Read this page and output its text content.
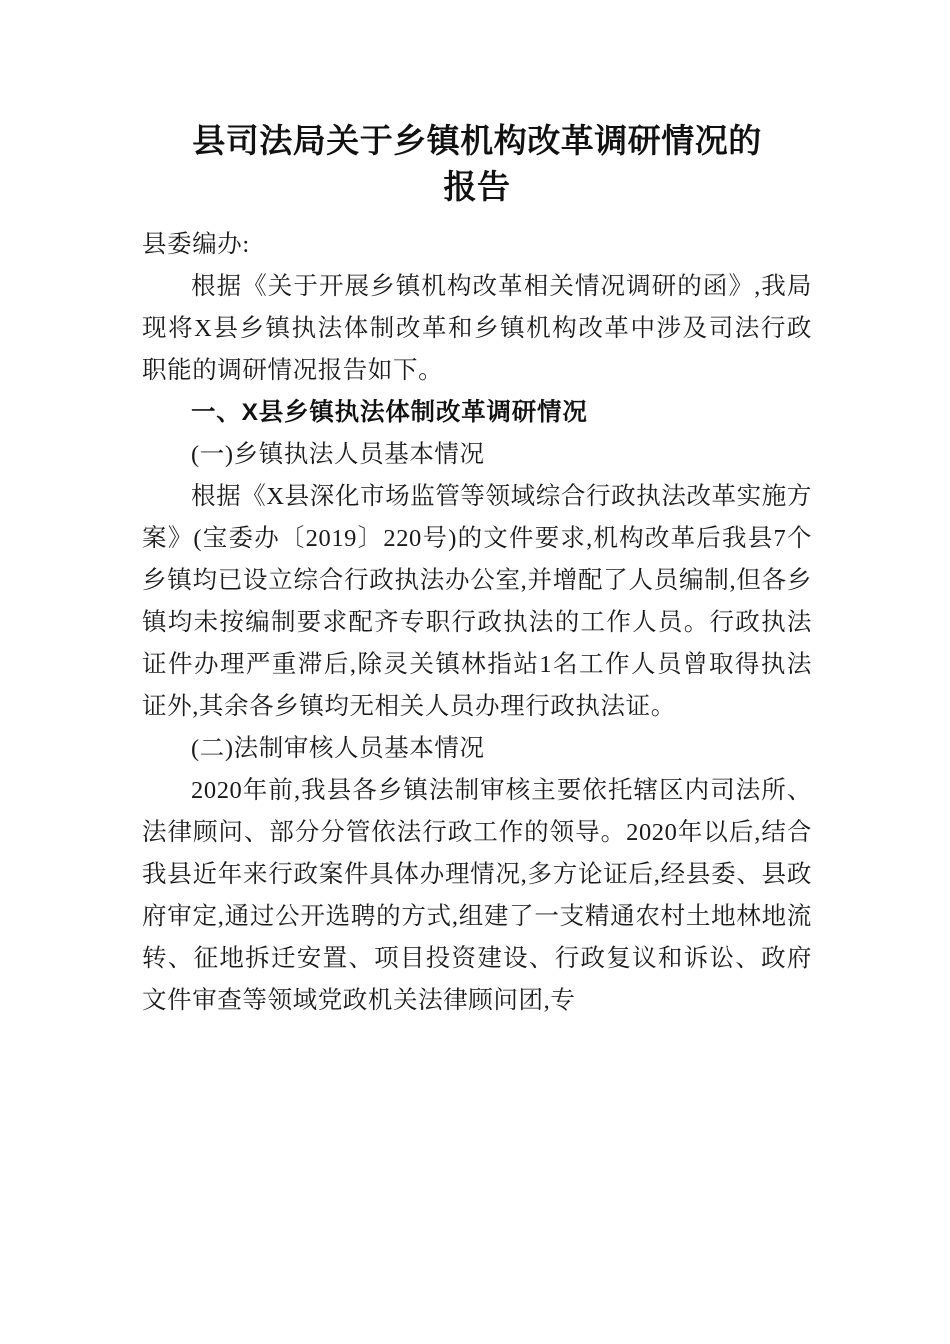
县司法局关于乡镇机构改革调研情况的
报告

县委编办:

根据《关于开展乡镇机构改革相关情况调研的函》,我局现将X县乡镇执法体制改革和乡镇机构改革中涉及司法行政职能的调研情况报告如下。

一、X县乡镇执法体制改革调研情况

(一)乡镇执法人员基本情况

根据《X县深化市场监管等领域综合行政执法改革实施方案》(宝委办〔2019〕220号)的文件要求,机构改革后我县7个乡镇均已设立综合行政执法办公室,并增配了人员编制,但各乡镇均未按编制要求配齐专职行政执法的工作人员。行政执法证件办理严重滞后,除灵关镇林指站1名工作人员曾取得执法证外,其余各乡镇均无相关人员办理行政执法证。

(二)法制审核人员基本情况

2020年前,我县各乡镇法制审核主要依托辖区内司法所、法律顾问、部分分管依法行政工作的领导。2020年以后,结合我县近年来行政案件具体办理情况,多方论证后,经县委、县政府审定,通过公开选聘的方式,组建了一支精通农村土地林地流转、征地拆迁安置、项目投资建设、行政复议和诉讼、政府文件审查等领域党政机关法律顾问团,专
